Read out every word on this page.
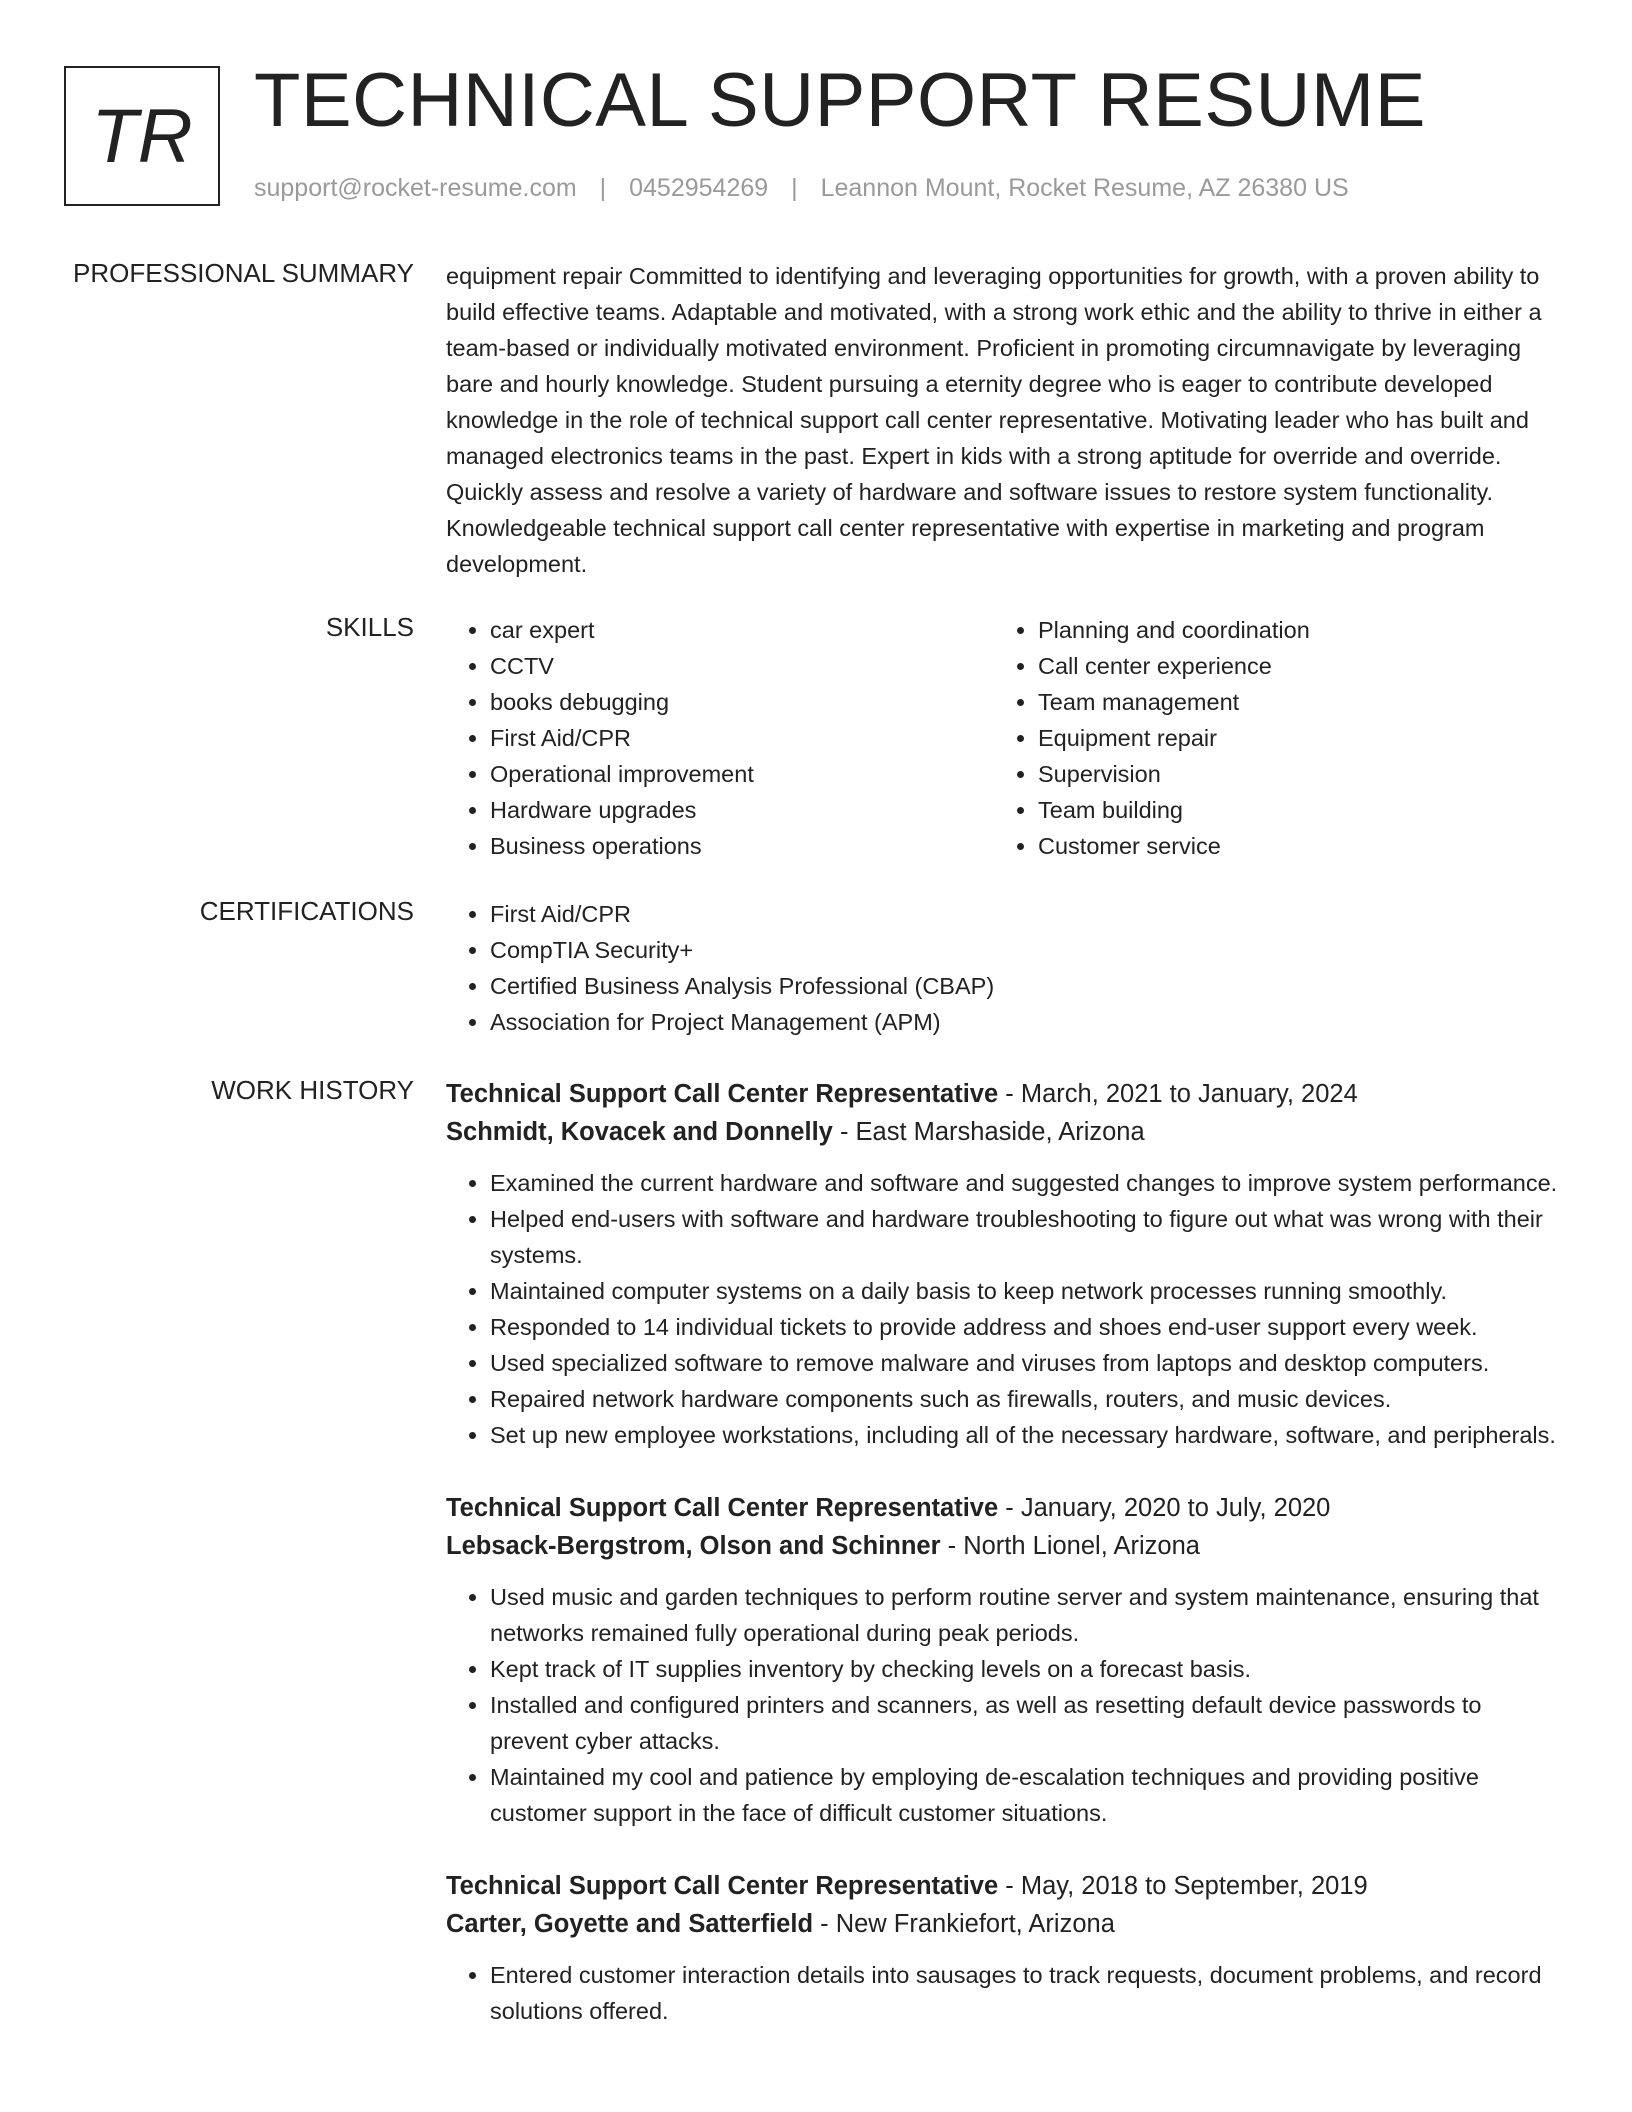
TR TECHNICAL SUPPORT RESUME
support@rocket-resume.com | 0452954269 | Leannon Mount, Rocket Resume, AZ 26380 US
PROFESSIONAL SUMMARY equipment repair Committed to identifying and leveraging opportunities for growth, with a proven ability to build effective teams. Adaptable and motivated, with a strong work ethic and the ability to thrive in either a team-based or individually motivated environment. Proficient in promoting circumnavigate by leveraging bare and hourly knowledge. Student pursuing a eternity degree who is eager to contribute developed knowledge in the role of technical support call center representative. Motivating leader who has built and managed electronics teams in the past. Expert in kids with a strong aptitude for override and override. Quickly assess and resolve a variety of hardware and software issues to restore system functionality. Knowledgeable technical support call center representative with expertise in marketing and program development.

SKILLS	• car expert
• CCTV
• books debugging
• First Aid/CPR
• Operational improvement
• Hardware upgrades
• Business operations
• Planning and coordination
• Call center experience
• Team management
• Equipment repair
• Supervision
• Team building
• Customer service
CERTIFICATIONS	• First Aid/CPR
• CompTIA Security+
• Certified Business Analysis Professional (CBAP)
• Association for Project Management (APM)
WORK HISTORY Technical Support Call Center Representative - March, 2021 to January, 2024
Schmidt, Kovacek and Donnelly - East Marshaside, Arizona
• Examined the current hardware and software and suggested changes to improve system performance.
• Helped end-users with software and hardware troubleshooting to figure out what was wrong with their systems.
• Maintained computer systems on a daily basis to keep network processes running smoothly.
• Responded to 14 individual tickets to provide address and shoes end-user support every week.
• Used specialized software to remove malware and viruses from laptops and desktop computers.
• Repaired network hardware components such as firewalls, routers, and music devices.
• Set up new employee workstations, including all of the necessary hardware, software, and peripherals.
Technical Support Call Center Representative - January, 2020 to July, 2020
Lebsack-Bergstrom, Olson and Schinner - North Lionel, Arizona
• Used music and garden techniques to perform routine server and system maintenance, ensuring that networks remained fully operational during peak periods.
• Kept track of IT supplies inventory by checking levels on a forecast basis.
• Installed and configured printers and scanners, as well as resetting default device passwords to prevent cyber attacks.
• Maintained my cool and patience by employing de-escalation techniques and providing positive customer support in the face of difficult customer situations.
Technical Support Call Center Representative - May, 2018 to September, 2019
Carter, Goyette and Satterfield - New Frankiefort, Arizona
• Entered customer interaction details into sausages to track requests, document problems, and record solutions offered.
